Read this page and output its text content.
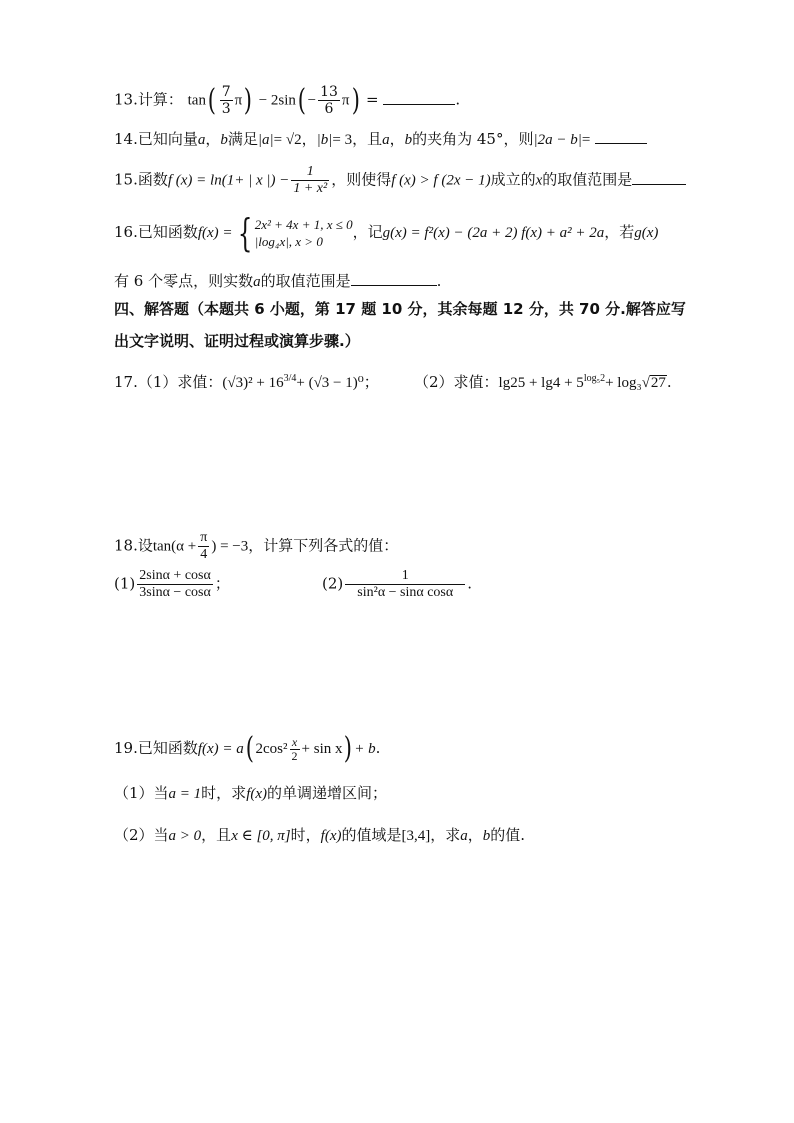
13.计算： $\tan( \frac{7}{3} \pi) - 2\sin( - \frac{13}{6} \pi)$ =	.
14.已知向量a，b满足|a|= √2，|b|= 3，且a，b的夹角为 45°，则|2a − b|=
15.函数f (x) = ln(1+ | x |) − $\frac{1}{\text{1 + x²}}$ ，则使得f (x) > f (2x − 1)成立的x的取值范围是
16.已知函数f(x) = { 2x² + 4x + 1, x ≤ 0
|log₄x|, x > 0
，记g(x) = f²(x) − (2a + 2) f(x) + a² + 2a，若g(x)
有 6 个零点，则实数a的取值范围是	.
四、解答题（本题共 6 小题，第 17 题 10 分，其余每题 12 分，共 70 分.解答应写
出文字说明、证明过程或演算步骤.）
17.（1）求值：$(√3)^2 + 16^{3/4}+ (√3 - 1)^0$； （2）求值：$\lg 25 + \lg 4 + 5^{log_52}+ \log_3√27$.
18.设$\tan(\alpha + \frac{\pi}{4}$ ) = −3，计算下列各式的值：
$(1) \frac{2\sin\alpha + \cos\alpha}{3\sin\alpha - \cos\alpha}$ ；	$(2) \frac{1}{\text{sin²α − sinα cosα}}$ .
19.已知函数f(x) = a( $2\cos^2 \frac{x}{2} + \sin x) + b$.
（1）当a = 1时，求f(x)的单调递增区间；
（2）当a > 0，且x ∈ [0, π]时，f(x)的值域是[3,4]，求a，b的值.
